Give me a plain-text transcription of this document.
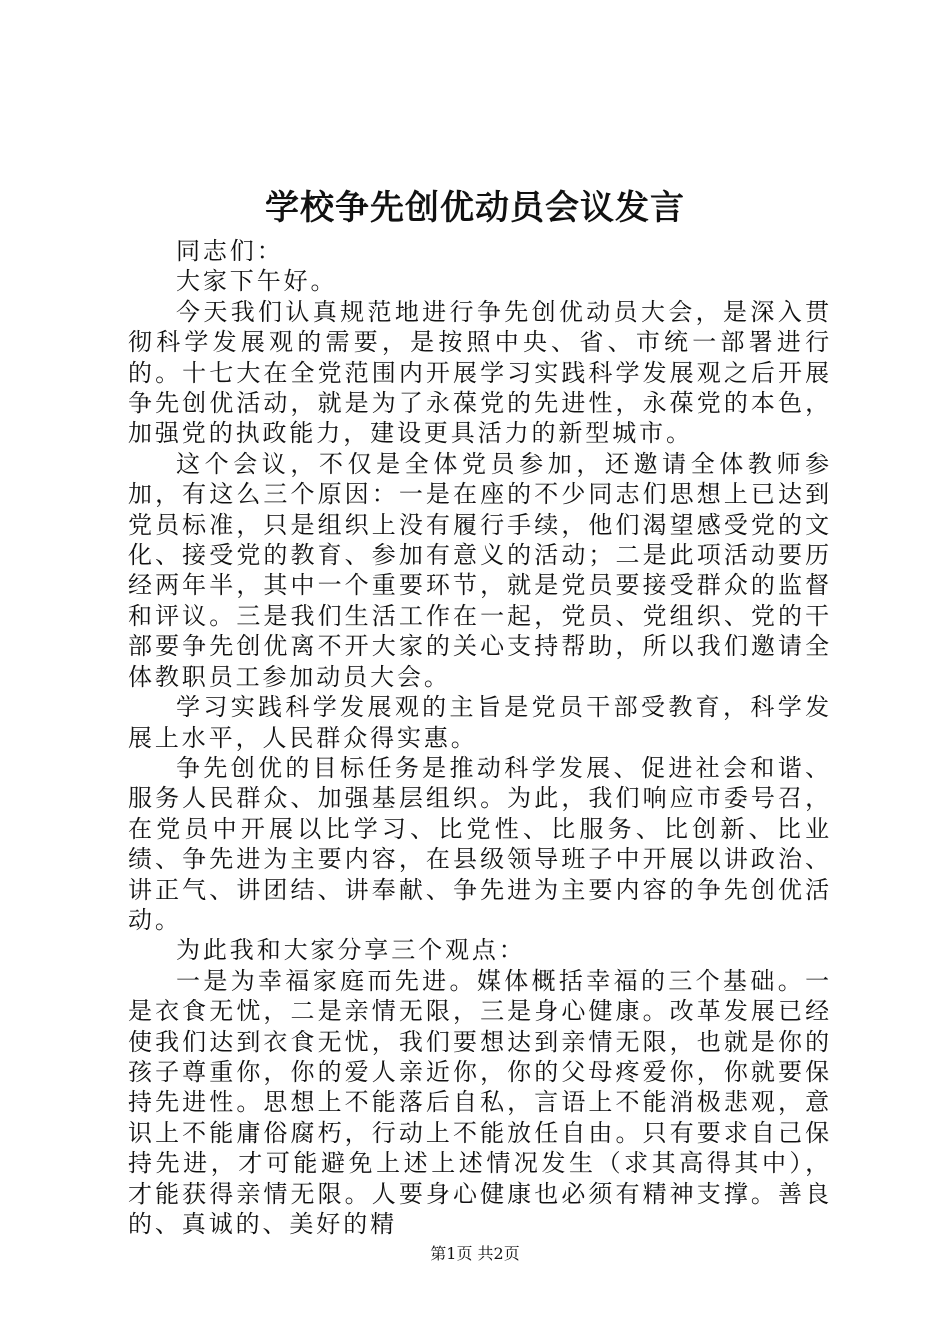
学校争先创优动员会议发言

同志们：

大家下午好。

今天我们认真规范地进行争先创优动员大会，是深入贯彻科学发展观的需要，是按照中央、省、市统一部署进行的。十七大在全党范围内开展学习实践科学发展观之后开展争先创优活动，就是为了永葆党的先进性，永葆党的本色，加强党的执政能力，建设更具活力的新型城市。

这个会议，不仅是全体党员参加，还邀请全体教师参加，有这么三个原因：一是在座的不少同志们思想上已达到党员标准，只是组织上没有履行手续，他们渴望感受党的文化、接受党的教育、参加有意义的活动；二是此项活动要历经两年半，其中一个重要环节，就是党员要接受群众的监督和评议。三是我们生活工作在一起，党员、党组织、党的干部要争先创优离不开大家的关心支持帮助，所以我们邀请全体教职员工参加动员大会。

学习实践科学发展观的主旨是党员干部受教育，科学发展上水平，人民群众得实惠。

争先创优的目标任务是推动科学发展、促进社会和谐、服务人民群众、加强基层组织。为此，我们响应市委号召，在党员中开展以比学习、比党性、比服务、比创新、比业绩、争先进为主要内容，在县级领导班子中开展以讲政治、讲正气、讲团结、讲奉献、争先进为主要内容的争先创优活动。

为此我和大家分享三个观点：

一是为幸福家庭而先进。媒体概括幸福的三个基础。一是衣食无忧，二是亲情无限，三是身心健康。改革发展已经使我们达到衣食无忧，我们要想达到亲情无限，也就是你的孩子尊重你，你的爱人亲近你，你的父母疼爱你，你就要保持先进性。思想上不能落后自私，言语上不能消极悲观，意识上不能庸俗腐朽，行动上不能放任自由。只有要求自己保持先进，才可能避免上述上述情况发生（求其高得其中），才能获得亲情无限。人要身心健康也必须有精神支撑。善良的、真诚的、美好的精

第1页 共2页
